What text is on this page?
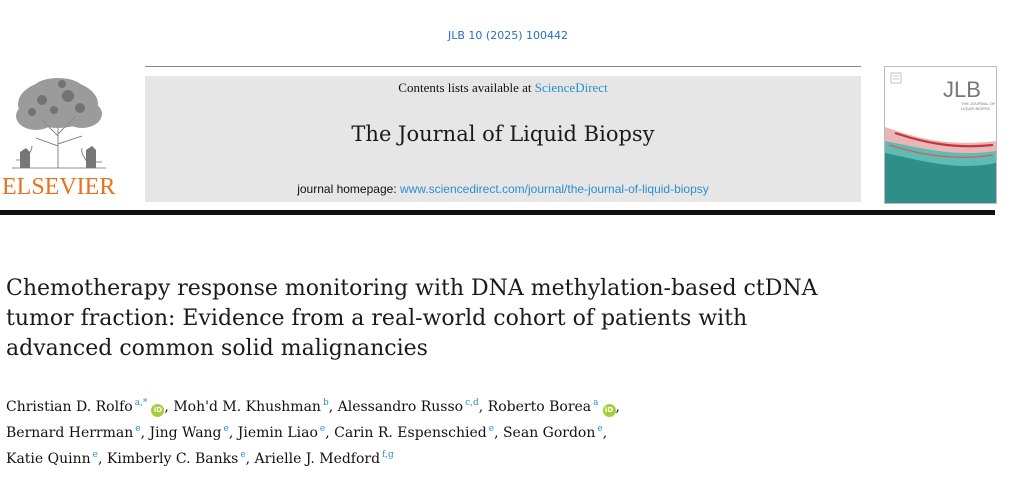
JLB 10 (2025) 100442
ELSEVIER
Contents lists available at ScienceDirect
The Journal of Liquid Biopsy
journal homepage: www.sciencedirect.com/journal/the-journal-of-liquid-biopsy
JLB
THE JOURNAL OF
LIQUID BIOPSY
Chemotherapy response monitoring with DNA methylation-based ctDNA
tumor fraction: Evidence from a real-world cohort of patients with
advanced common solid malignancies
Christian D. Rolfo $^{a,*}$iD , Moh'd M. Khushman $^b$, Alessandro Russo $^{c,d}$, Roberto Borea $^a$iD ,
Bernard Herrman $^e$, Jing Wang $^e$, Jiemin Liao $^e$, Carin R. Espenschied $^e$, Sean Gordon $^e$,
Katie Quinn $^e$, Kimberly C. Banks $^e$, Arielle J. Medford $^{f,g}$
